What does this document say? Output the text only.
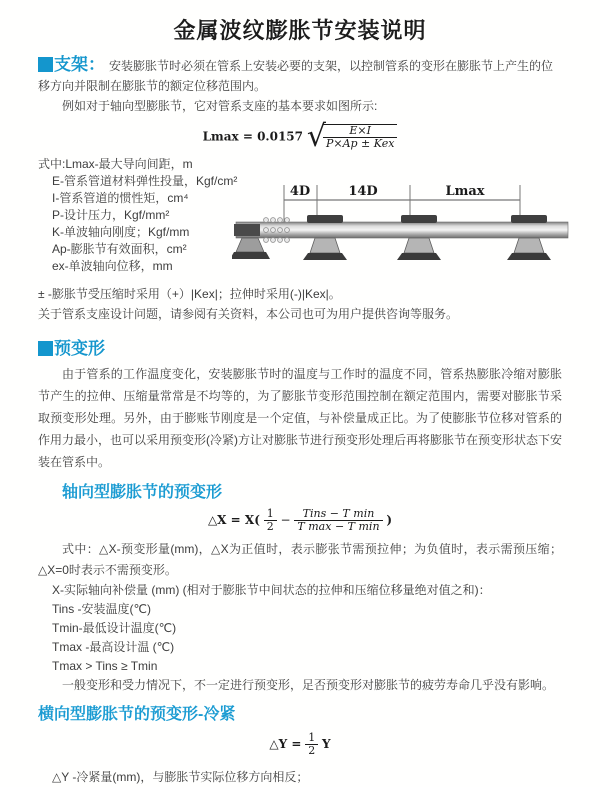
金属波纹膨胀节安装说明

支架： 安装膨胀节时必须在管系上安装必要的支架，以控制管系的变形在膨胀节上产生的位移方向并限制在膨胀节的额定位移范围内。

例如对于轴向型膨胀节，它对管系支座的基本要求如图所示:

Lmax = 0.0157 √
$\frac{E\times I}{\text{P×Ap ± Kex}}$
式中:Lmax-最大导向间距，m
E-管系管道材料弹性投量，Kgf/cm²
I-管系管道的惯性矩，cm⁴
P-设计压力，Kgf/mm²
K-单波轴向刚度；Kgf/mm
Ap-膨胀节有效面积，cm²
ex-单波轴向位移，mm
4D	14D	Lmax

± -膨胀节受压缩时采用（+）|Kex|；拉伸时采用(-)|Kex|。

关于管系支座设计问题，请参阅有关资料，本公司也可为用户提供咨询等服务。

预变形

由于管系的工作温度变化，安装膨胀节时的温度与工作时的温度不同，管系热膨胀冷缩对膨胀节产生的拉伸、压缩量常常是不均等的，为了膨胀节变形范围控制在额定范围内，需要对膨胀节采取预变形处理。另外，由于膨账节刚度是一个定值，与补偿量成正比。为了使膨胀节位移对管系的作用力最小，也可以采用预变形(冷紧)方让对膨胀节进行预变形处理后再将膨胀节在预变形状态下安装在管系中。

轴向型膨胀节的预变形
△X = $X( \frac{1}{2} - \frac{\text{Tins − T min}}{\text{T max − T min}}$ )

式中：△X-预变形量(mm)，△X为正值时，表示膨张节需预拉伸；为负值时，表示需预压缩；△X=0时表示不需预变形。

X-实际轴向补偿量 (mm) (相对于膨胀节中间状态的拉伸和压缩位移量绝对值之和)：

Tins -安装温度(℃)

Tmin-最低设计温度(℃)

Tmax -最高设计温 (℃)

Tmax > Tins ≥ Tmin

一般变形和受力情况下，不一定进行预变形，足否预变形对膨胀节的疲劳寿命几乎没有影响。

横向型膨胀节的预变形-冷紧
△Y = $\frac{1}{2}$ Y

△Y -冷紧量(mm)，与膨胀节实际位移方向相反；
